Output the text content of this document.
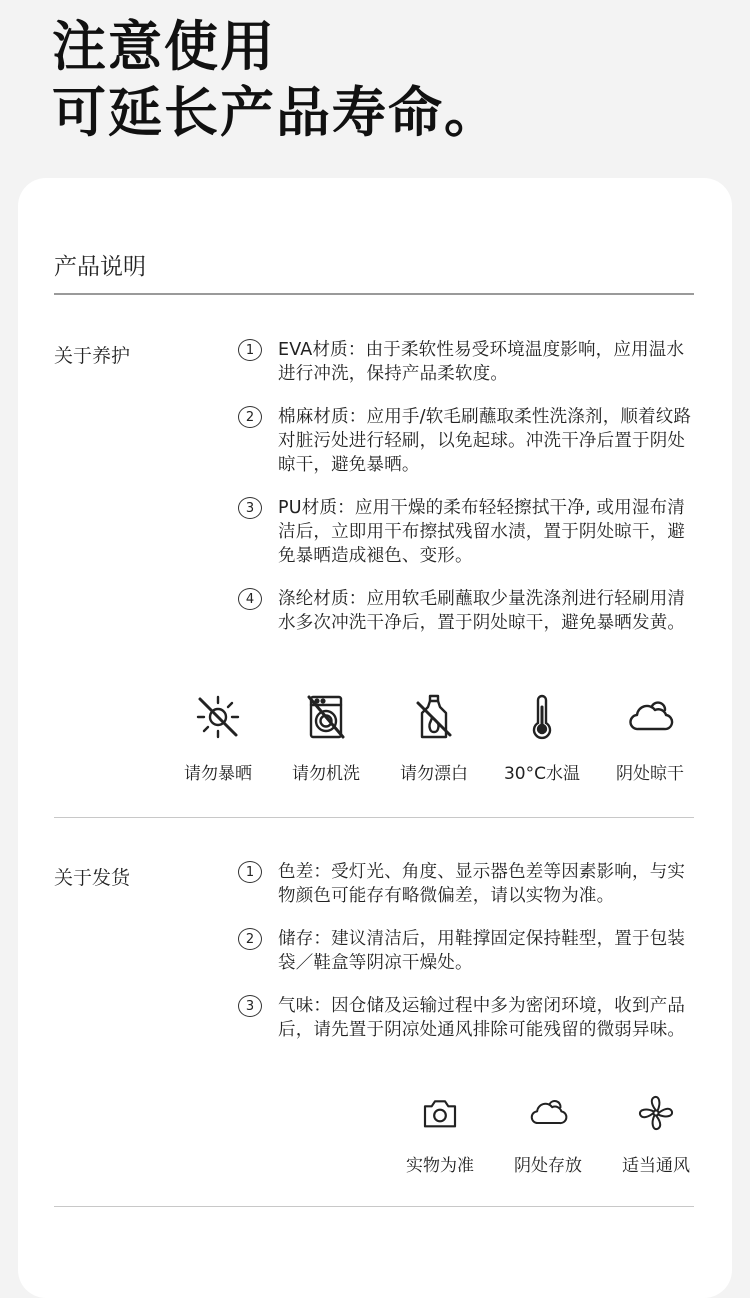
注意使用
可延长产品寿命。
产品说明
关于养护	1	EVA材质：由于柔软性易受环境温度影响，应用温水进行冲洗，保持产品柔软度。
2	棉麻材质：应用手/软毛刷蘸取柔性洗涤剂，顺着纹路对脏污处进行轻刷，以免起球。冲洗干净后置于阴处晾干，避免暴晒。
3	PU材质：应用干燥的柔布轻轻擦拭干净, 或用湿布清洁后，立即用干布擦拭残留水渍，置于阴处晾干，避免暴晒造成褪色、变形。
4	涤纶材质：应用软毛刷蘸取少量洗涤剂进行轻刷用清水多次冲洗干净后，置于阴处晾干，避免暴晒发黄。
请勿暴晒	请勿机洗	请勿漂白	30°C水温	阴处晾干
关于发货	1	色差：受灯光、角度、显示器色差等因素影响，与实物颜色可能存有略微偏差，请以实物为准。
2	储存：建议清洁后，用鞋撑固定保持鞋型，置于包装袋／鞋盒等阴凉干燥处。
3	气味：因仓储及运输过程中多为密闭环境，收到产品后，请先置于阴凉处通风排除可能残留的微弱异味。
实物为准	阴处存放	适当通风
